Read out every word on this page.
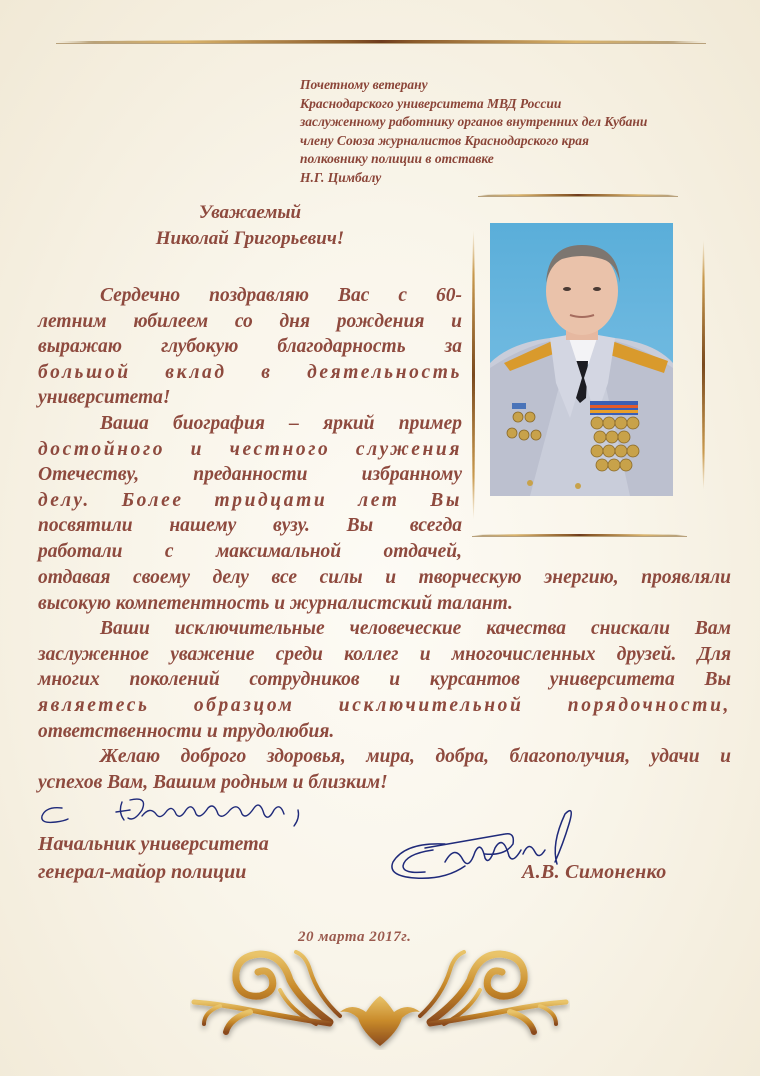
Почетному ветерану
Краснодарского университета МВД России
заслуженному работнику органов внутренних дел Кубани
члену Союза журналистов Краснодарского края
полковнику полиции в отставке
Н.Г. Цимбалу
Уважаемый
Николай Григорьевич!
Сердечно поздравляю Вас с 60-
летним юбилеем со дня рождения и
выражаю глубокую благодарность за
большой вклад в деятельность
университета!
Ваша биография – яркий пример
достойного и честного служения
Отечеству, преданности избранному
делу. Более тридцати лет Вы
посвятили нашему вузу. Вы всегда
работали с максимальной отдачей,
отдавая своему делу все силы и творческую энергию, проявляли
высокую компетентность и журналистский талант.
Ваши исключительные человеческие качества снискали Вам
заслуженное уважение среди коллег и многочисленных друзей. Для
многих поколений сотрудников и курсантов университета Вы
являетесь образцом исключительной порядочности,
ответственности и трудолюбия.
Желаю доброго здоровья, мира, добра, благополучия, удачи и
успехов Вам, Вашим родным и близким!
Начальник университета
генерал-майор полиции	А.В. Симоненко
20 марта 2017г.
